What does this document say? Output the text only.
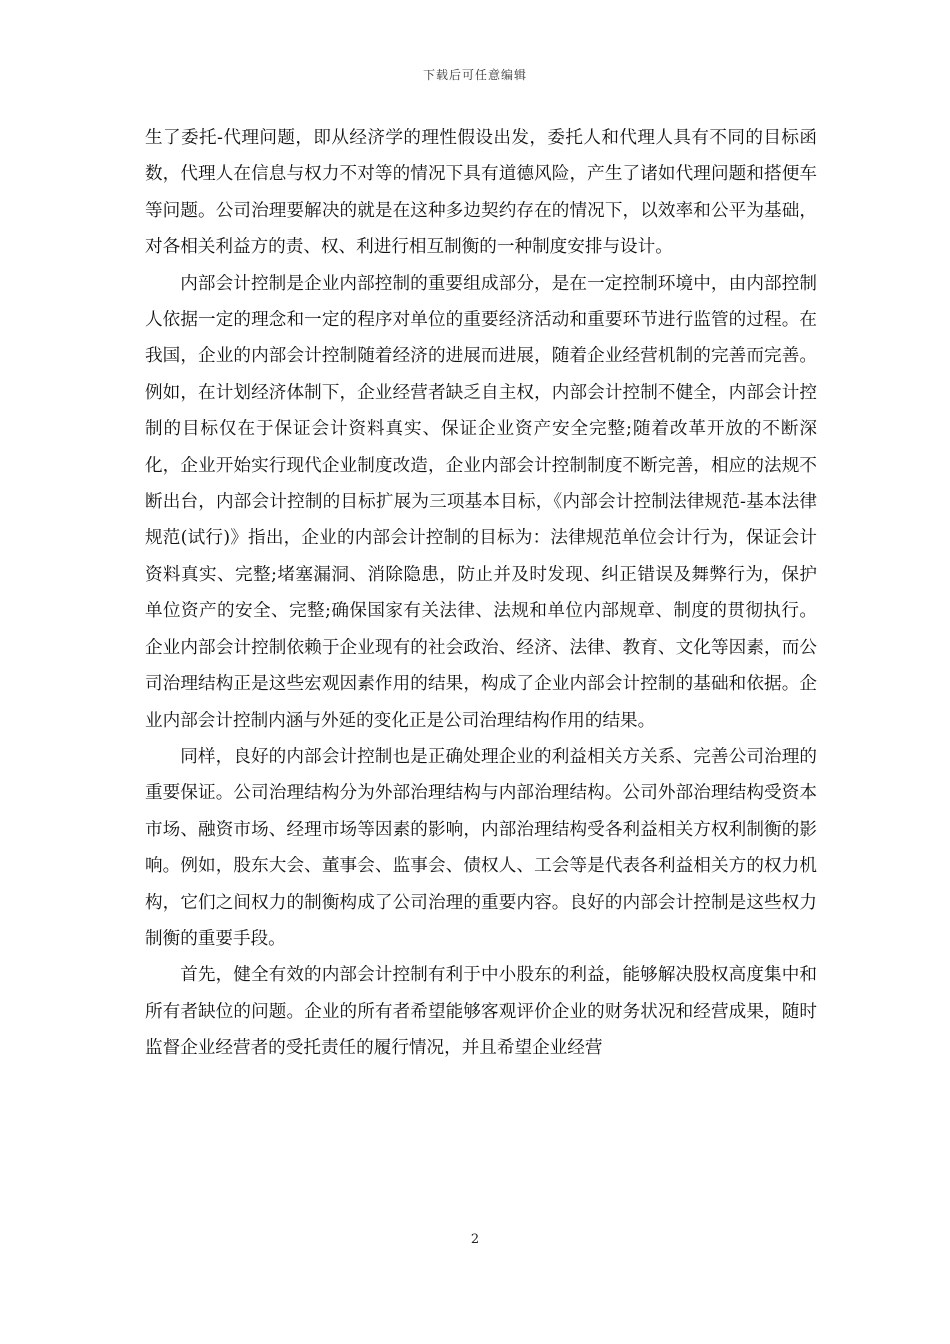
下载后可任意编辑

生了委托-代理问题，即从经济学的理性假设出发，委托人和代理人具有不同的目标函数，代理人在信息与权力不对等的情况下具有道德风险，产生了诸如代理问题和搭便车等问题。公司治理要解决的就是在这种多边契约存在的情况下，以效率和公平为基础，对各相关利益方的责、权、利进行相互制衡的一种制度安排与设计。

内部会计控制是企业内部控制的重要组成部分，是在一定控制环境中，由内部控制人依据一定的理念和一定的程序对单位的重要经济活动和重要环节进行监管的过程。在我国，企业的内部会计控制随着经济的进展而进展，随着企业经营机制的完善而完善。例如，在计划经济体制下，企业经营者缺乏自主权，内部会计控制不健全，内部会计控制的目标仅在于保证会计资料真实、保证企业资产安全完整;随着改革开放的不断深化，企业开始实行现代企业制度改造，企业内部会计控制制度不断完善，相应的法规不断出台，内部会计控制的目标扩展为三项基本目标，《内部会计控制法律规范-基本法律规范(试行)》指出，企业的内部会计控制的目标为：法律规范单位会计行为，保证会计资料真实、完整;堵塞漏洞、消除隐患，防止并及时发现、纠正错误及舞弊行为，保护单位资产的安全、完整;确保国家有关法律、法规和单位内部规章、制度的贯彻执行。企业内部会计控制依赖于企业现有的社会政治、经济、法律、教育、文化等因素，而公司治理结构正是这些宏观因素作用的结果，构成了企业内部会计控制的基础和依据。企业内部会计控制内涵与外延的变化正是公司治理结构作用的结果。

同样，良好的内部会计控制也是正确处理企业的利益相关方关系、完善公司治理的重要保证。公司治理结构分为外部治理结构与内部治理结构。公司外部治理结构受资本市场、融资市场、经理市场等因素的影响，内部治理结构受各利益相关方权利制衡的影响。例如，股东大会、董事会、监事会、债权人、工会等是代表各利益相关方的权力机构，它们之间权力的制衡构成了公司治理的重要内容。良好的内部会计控制是这些权力制衡的重要手段。

首先，健全有效的内部会计控制有利于中小股东的利益，能够解决股权高度集中和所有者缺位的问题。企业的所有者希望能够客观评价企业的财务状况和经营成果，随时监督企业经营者的受托责任的履行情况，并且希望企业经营

2
